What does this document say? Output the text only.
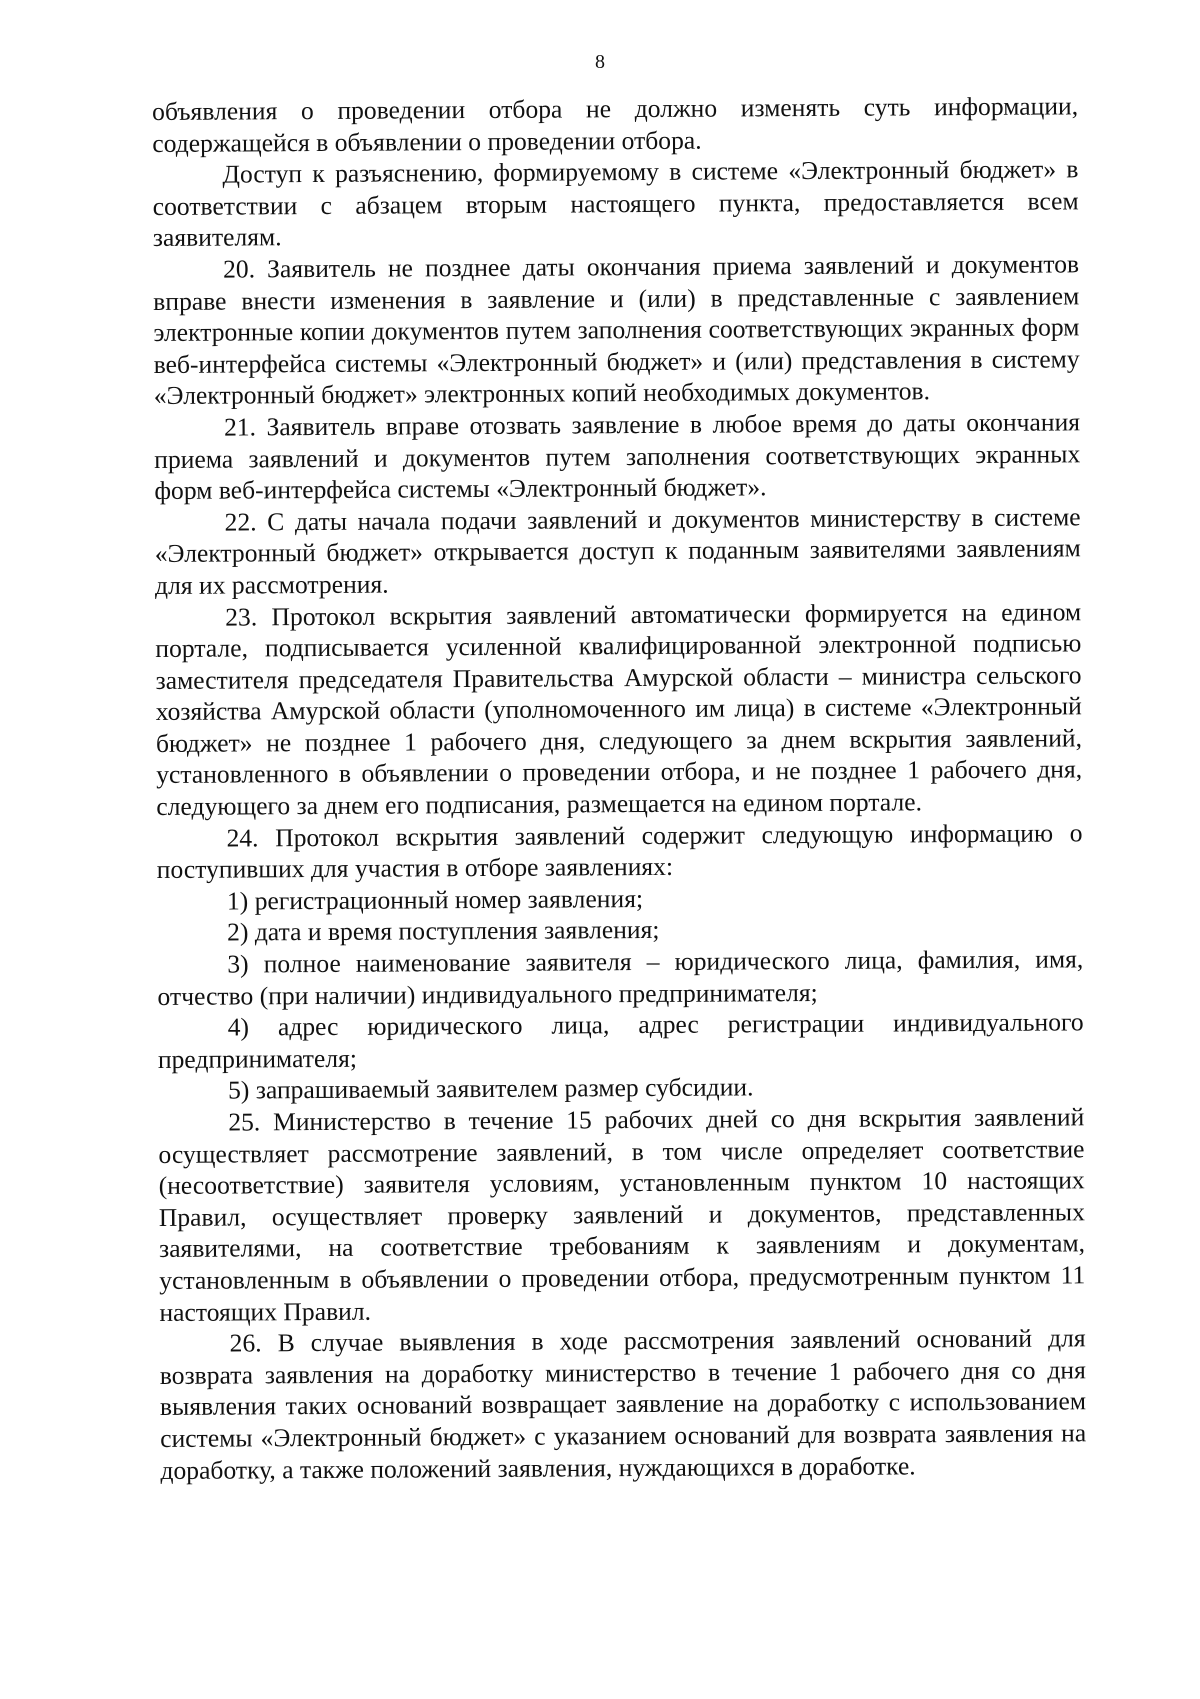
8

объявления о проведении отбора не должно изменять суть информации, содержащейся в объявлении о проведении отбора.

Доступ к разъяснению, формируемому в системе «Электронный бюджет» в соответствии с абзацем вторым настоящего пункта, предоставляется всем заявителям.

20. Заявитель не позднее даты окончания приема заявлений и документов вправе внести изменения в заявление и (или) в представленные с заявлением электронные копии документов путем заполнения соответствующих экранных форм веб-интерфейса системы «Электронный бюджет» и (или) представления в систему «Электронный бюджет» электронных копий необходимых документов.

21. Заявитель вправе отозвать заявление в любое время до даты окончания приема заявлений и документов путем заполнения соответствующих экранных форм веб-интерфейса системы «Электронный бюджет».

22. С даты начала подачи заявлений и документов министерству в системе «Электронный бюджет» открывается доступ к поданным заявителями заявлениям для их рассмотрения.

23. Протокол вскрытия заявлений автоматически формируется на едином портале, подписывается усиленной квалифицированной электронной подписью заместителя председателя Правительства Амурской области – министра сельского хозяйства Амурской области (уполномоченного им лица) в системе «Электронный бюджет» не позднее 1 рабочего дня, следующего за днем вскрытия заявлений, установленного в объявлении о проведении отбора, и не позднее 1 рабочего дня, следующего за днем его подписания, размещается на едином портале.

24. Протокол вскрытия заявлений содержит следующую информацию о поступивших для участия в отборе заявлениях:

1) регистрационный номер заявления;

2) дата и время поступления заявления;

3) полное наименование заявителя – юридического лица, фамилия, имя, отчество (при наличии) индивидуального предпринимателя;

4) адрес юридического лица, адрес регистрации индивидуального предпринимателя;

5) запрашиваемый заявителем размер субсидии.

25. Министерство в течение 15 рабочих дней со дня вскрытия заявлений осуществляет рассмотрение заявлений, в том числе определяет соответствие (несоответствие) заявителя условиям, установленным пунктом 10 настоящих Правил, осуществляет проверку заявлений и документов, представленных заявителями, на соответствие требованиям к заявлениям и документам, установленным в объявлении о проведении отбора, предусмотренным пунктом 11 настоящих Правил.

26. В случае выявления в ходе рассмотрения заявлений оснований для возврата заявления на доработку министерство в течение 1 рабочего дня со дня выявления таких оснований возвращает заявление на доработку с использованием системы «Электронный бюджет» с указанием оснований для возврата заявления на доработку, а также положений заявления, нуждающихся в доработке.
